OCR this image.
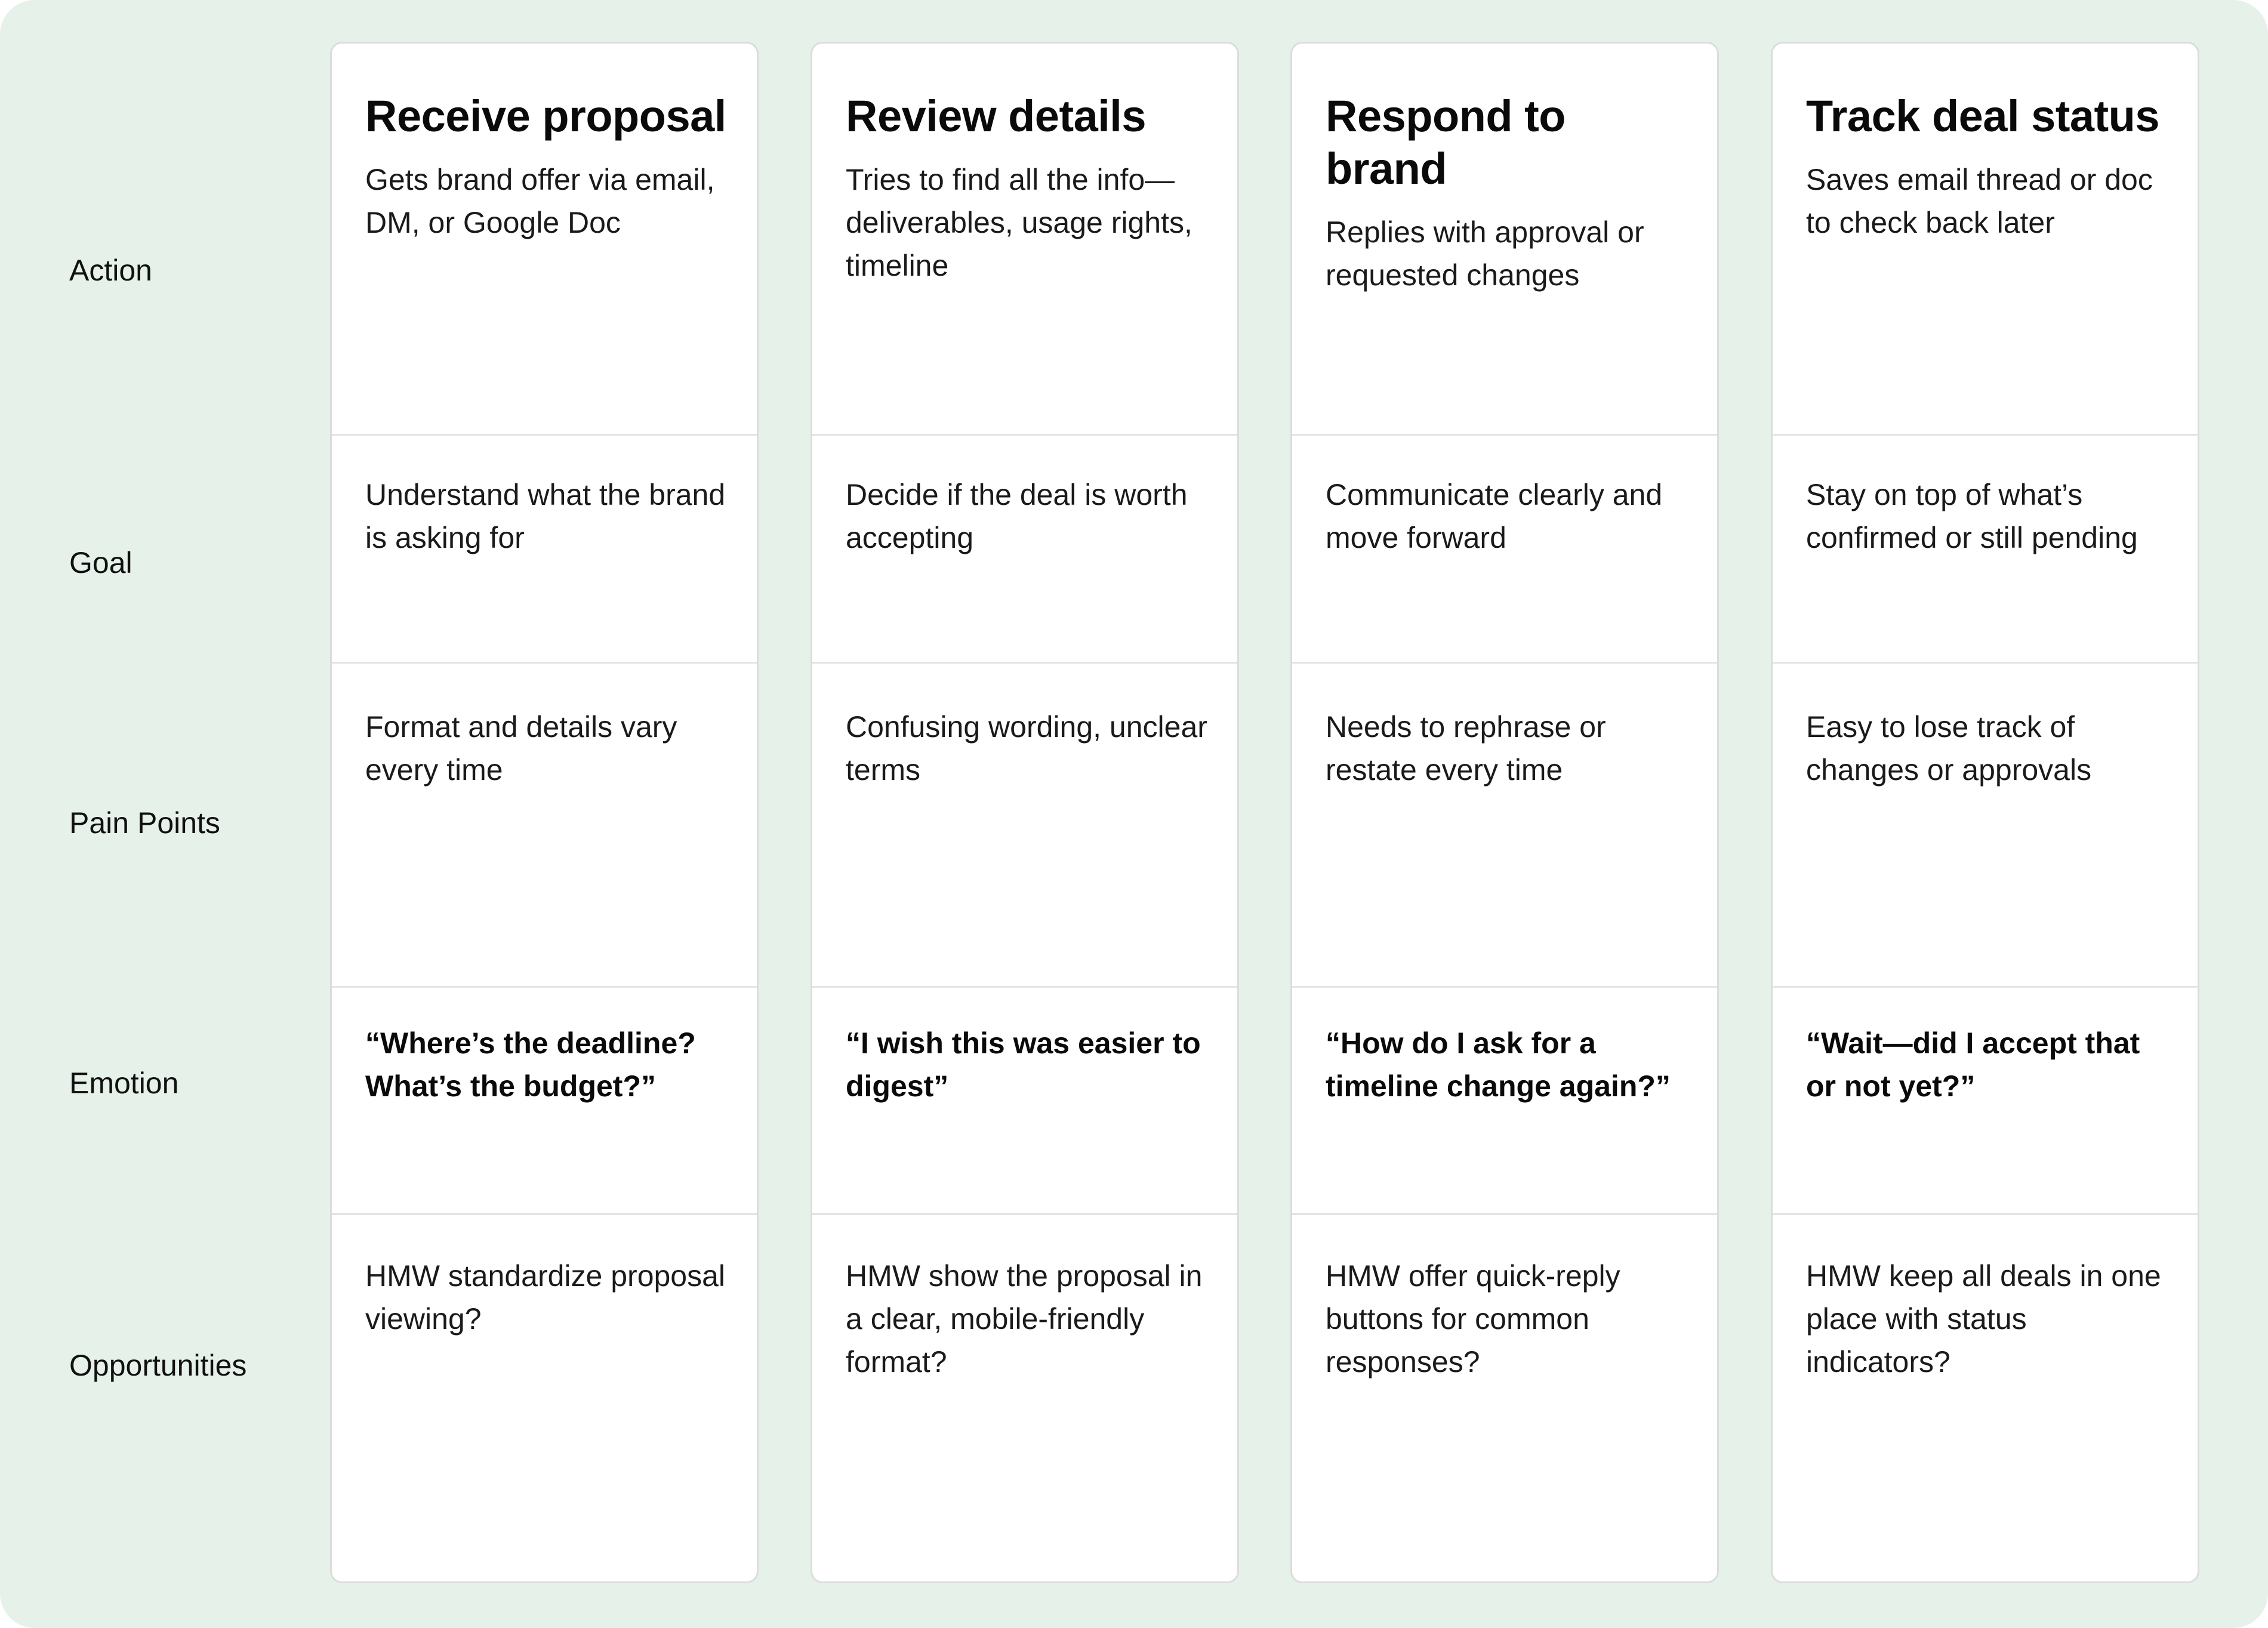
Action
Goal
Pain Points
Emotion
Opportunities
Receive proposal

Gets brand offer via email, DM, or Google Doc

Understand what the brand is asking for

Format and details vary every time

“Where’s the deadline? What’s the budget?”

HMW standardize proposal viewing?

Review details

Tries to find all the info—deliverables, usage rights, timeline

Decide if the deal is worth accepting

Confusing wording, unclear terms

“I wish this was easier to digest”

HMW show the proposal in a clear, mobile-friendly format?

Respond to brand

Replies with approval or requested changes

Communicate clearly and move forward

Needs to rephrase or restate every time

“How do I ask for a timeline change again?”

HMW offer quick-reply buttons for common responses?

Track deal status

Saves email thread or doc to check back later

Stay on top of what’s confirmed or still pending

Easy to lose track of changes or approvals

“Wait—did I accept that or not yet?”

HMW keep all deals in one place with status indicators?
